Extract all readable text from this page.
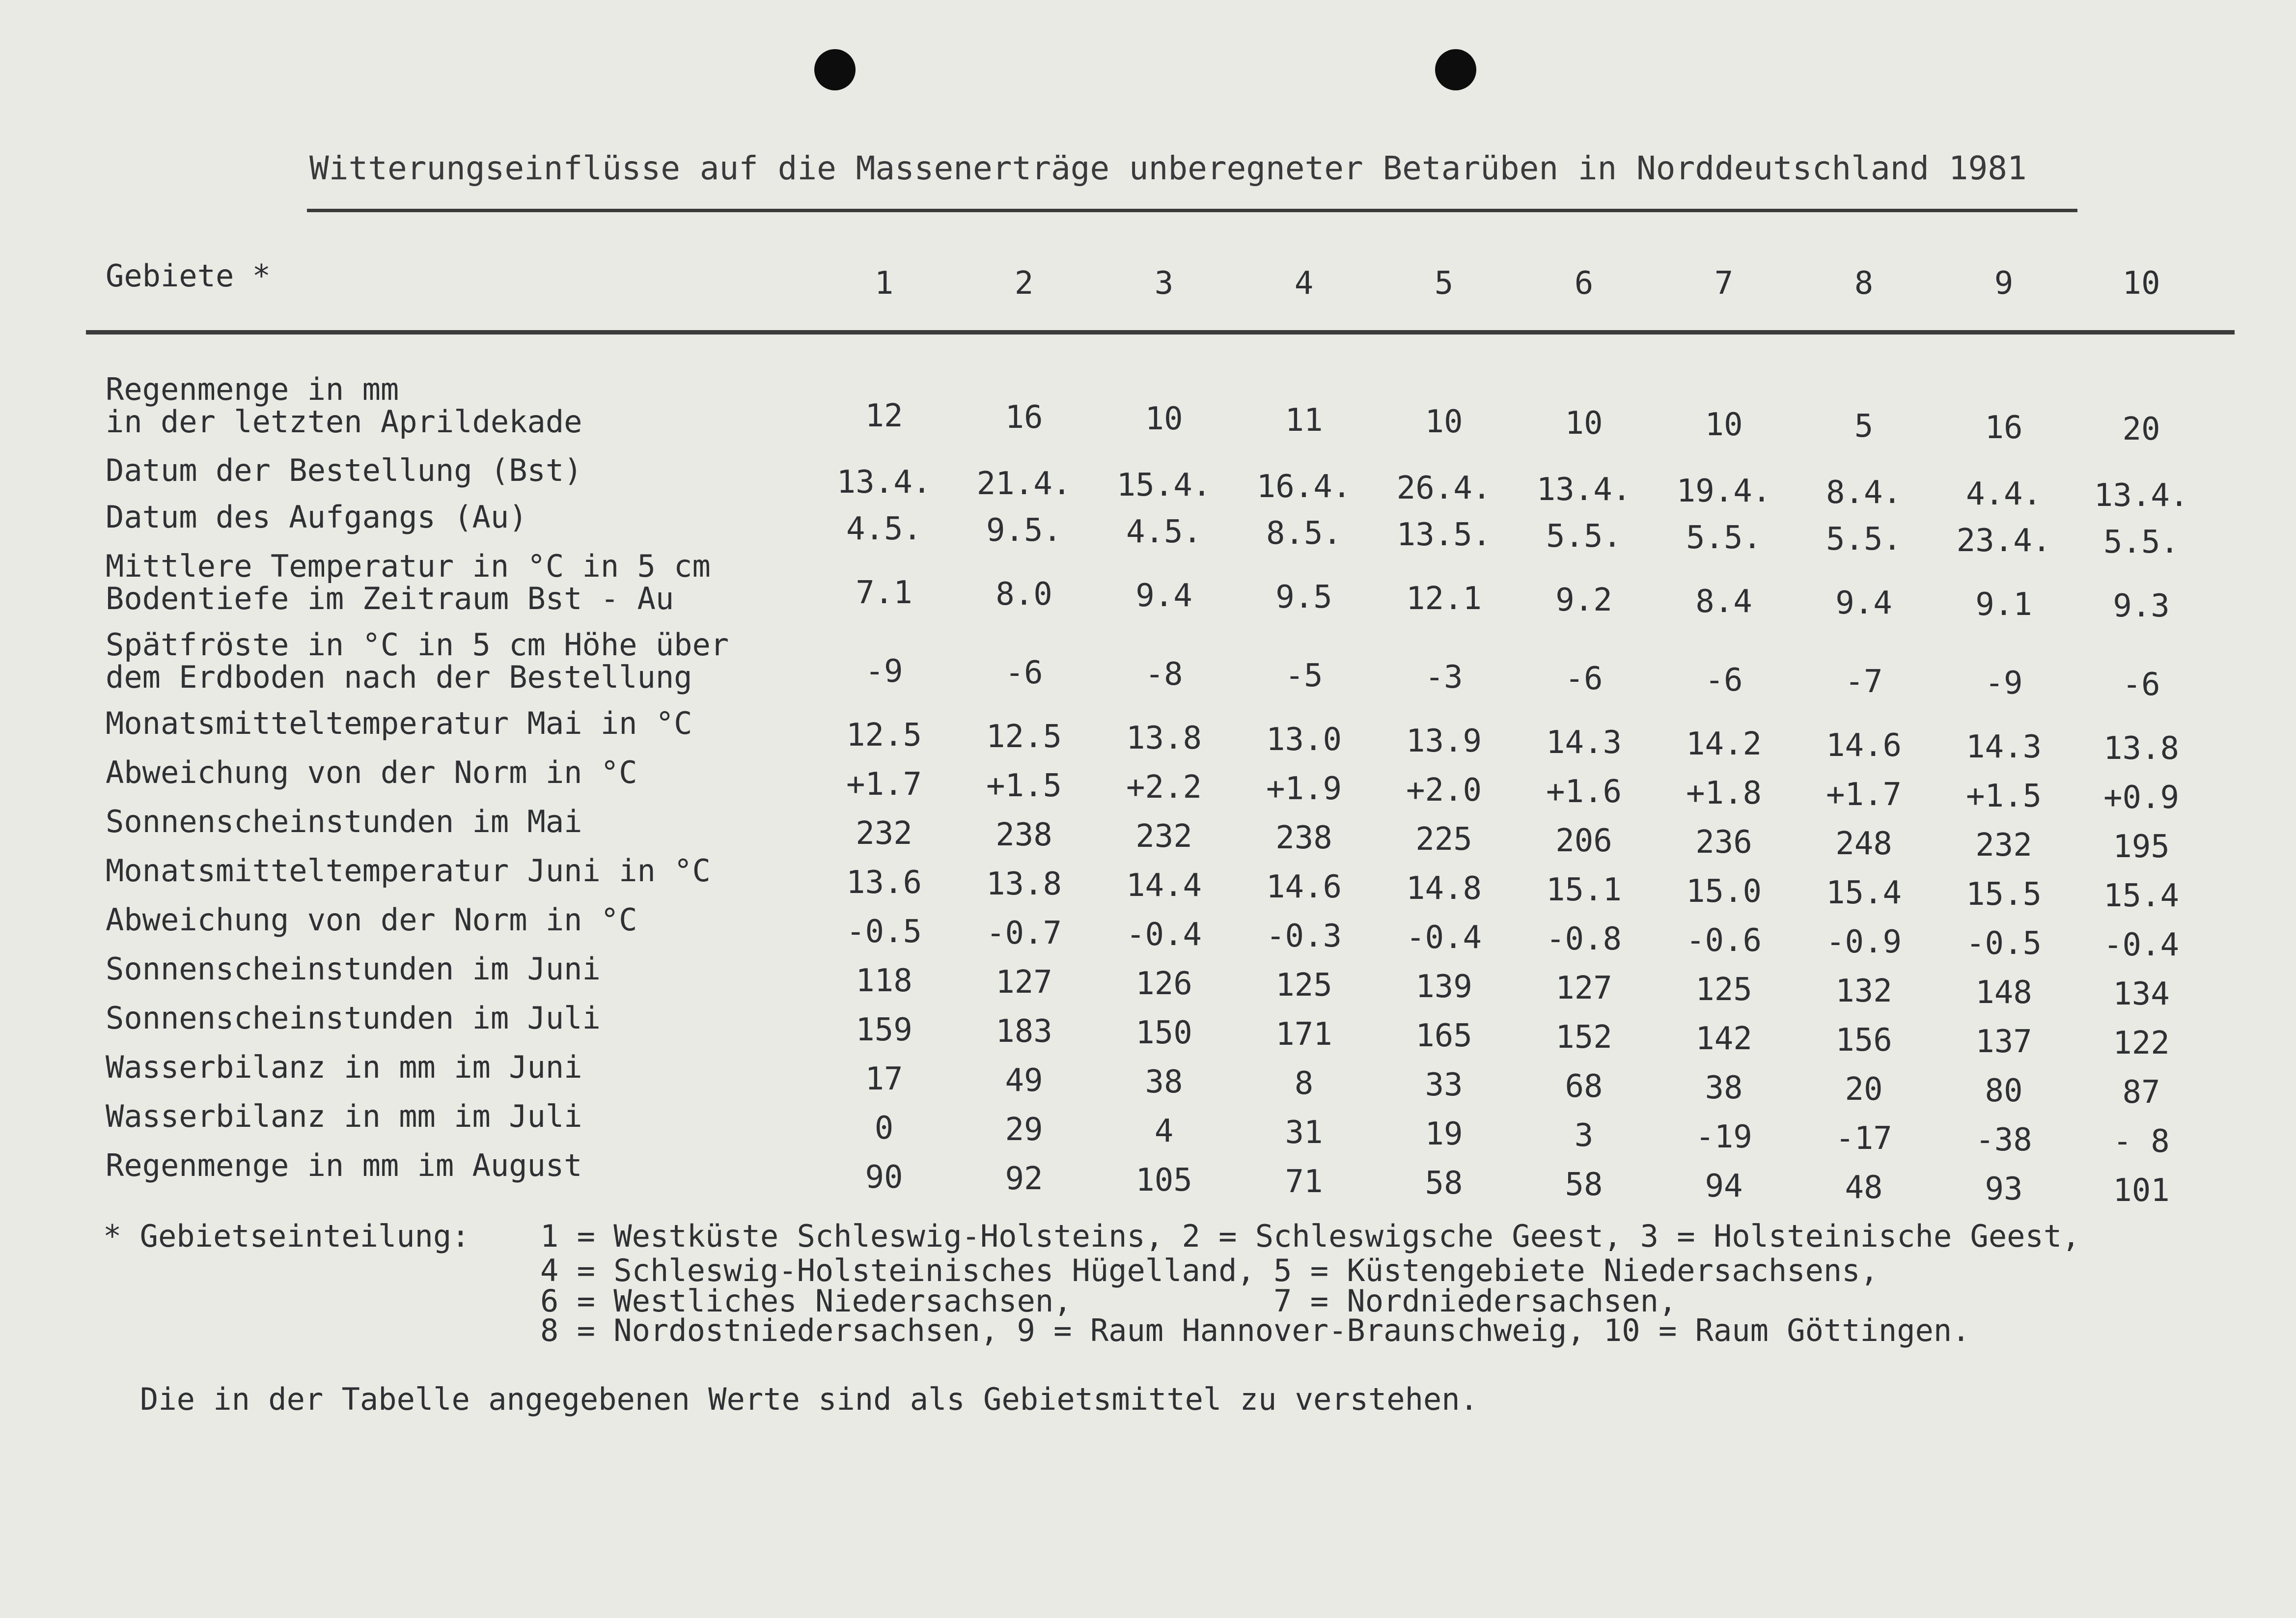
Witterungseinflüsse auf die Massenerträge unberegneter Betarüben in Norddeutschland 1981
Gebiete *	1	2	3	4	5	6	7	8	9	10
Regenmenge in mm
in der letzten Aprildekade	12	16	10	11	10	10	10	5	16	20
Datum der Bestellung (Bst)	13.4. 21.4. 15.4. 16.4. 26.4. 13.4. 19.4.	8.4.	4.4.	13.4.
Datum des Aufgangs (Au)	4.5.	9.5.	4.5.	8.5.	13.5.	5.5.	5.5.	5.5.	23.4.	5.5.
Mittlere Temperatur in °C in 5 cm
Bodentiefe im Zeitraum Bst - Au	7.1	8.0	9.4	9.5	12.1	9.2	8.4	9.4	9.1	9.3
Spätfröste in °C in 5 cm Höhe über
dem Erdboden nach der Bestellung	-9	-6	-8	-5	-3	-6	-6	-7	-9	-6
Monatsmitteltemperatur Mai in °C	12.5	12.5	13.8	13.0	13.9	14.3	14.2	14.6	14.3	13.8
Abweichung von der Norm in °C	+1.7	+1.5	+2.2	+1.9	+2.0	+1.6	+1.8	+1.7	+1.5	+0.9
Sonnenscheinstunden im Mai	232	238	232	238	225	206	236	248	232	195
Monatsmitteltemperatur Juni in °C	13.6	13.8	14.4	14.6	14.8	15.1	15.0	15.4	15.5	15.4
Abweichung von der Norm in °C	-0.5	-0.7	-0.4	-0.3	-0.4	-0.8	-0.6	-0.9	-0.5	-0.4
Sonnenscheinstunden im Juni	118	127	126	125	139	127	125	132	148	134
Sonnenscheinstunden im Juli	159	183	150	171	165	152	142	156	137	122
Wasserbilanz in mm im Juni	17	49	38	8	33	68	38	20	80	87
Wasserbilanz in mm im Juli	0	29	4	31	19	3	-19	-17	-38	- 8
Regenmenge in mm im August	90	92	105	71	58	58	94	48	93	101
* Gebietseinteilung: 1 = Westküste Schleswig-Holsteins, 2 = Schleswigsche Geest, 3 = Holsteinische Geest,
4 = Schleswig-Holsteinisches Hügelland, 5 = Küstengebiete Niedersachsens,
6 = Westliches Niedersachsen,           7 = Nordniedersachsen,
8 = Nordostniedersachsen, 9 = Raum Hannover-Braunschweig, 10 = Raum Göttingen.
Die in der Tabelle angegebenen Werte sind als Gebietsmittel zu verstehen.
